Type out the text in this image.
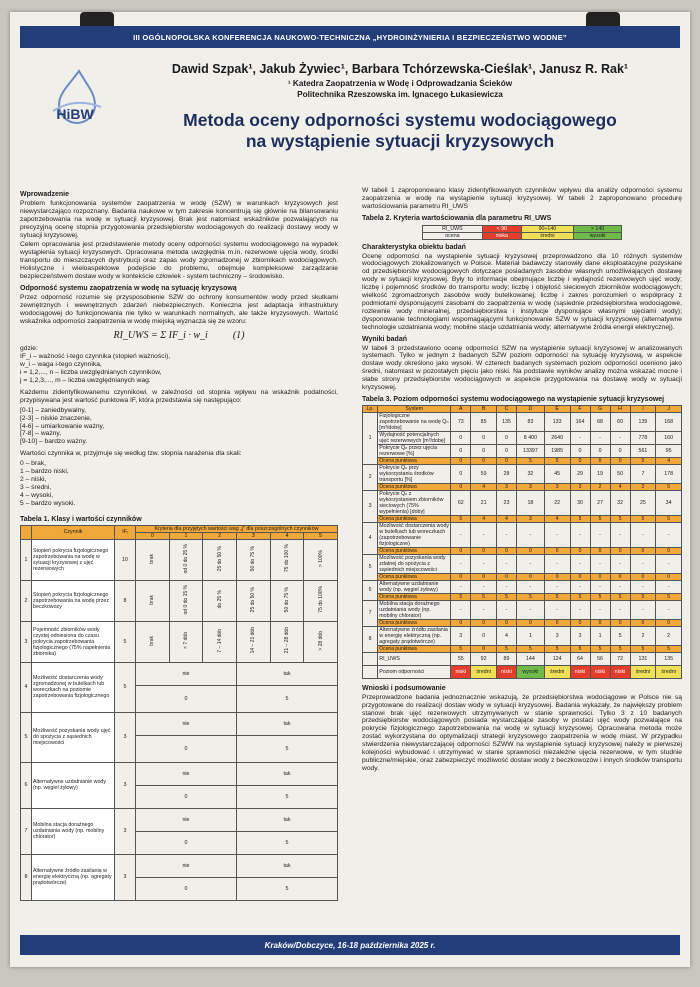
III OGÓLNOPOLSKA KONFERENCJA NAUKOWO-TECHNICZNA „HYDROINŻYNIERIA I BEZPIECZEŃSTWO WODNE”
HiBW
Dawid Szpak¹, Jakub Żywiec¹, Barbara Tchórzewska-Cieślak¹, Janusz R. Rak¹
¹ Katedra Zaopatrzenia w Wodę i Odprowadzania Ścieków
Politechnika Rzeszowska im. Ignacego Łukasiewicza
Metoda oceny odporności systemu wodociągowego
na wystąpienie sytuacji kryzysowych
Wprowadzenie

Problem funkcjonowania systemów zaopatrzenia w wodę (SZW) w warunkach kryzysowych jest niewystarczająco rozpoznany. Badania naukowe w tym zakresie koncentrują się głównie na bilansowaniu zapotrzebowania na wodę w sytuacji kryzysowej. Brak jest natomiast wskaźników pozwalających na precyzyjną ocenę stopnia przygotowania przedsiębiorstw wodociągowych do realizacji dostawy wody w sytuacji kryzysowej.

Celem opracowania jest przedstawienie metody oceny odporności systemu wodociągowego na wypadek wystąpienia sytuacji kryzysowych. Opracowana metoda uwzględnia m.in. rezerwowe ujęcia wody, środki transportu do mieszczących dystrybucji oraz zapas wody zgromadzonej w zbiornikach wodociągowych. Holistyczne i wieloaspektowe podejście do problemu, obejmuje kompleksowe zarządzanie bezpieczeństwem dostaw wody w kontekście człowiek - system techniczny – środowisko.

Odporność systemu zaopatrzenia w wodę na sytuację kryzysową

Przez odporność rozumie się przysposobienie SZW do ochrony konsumentów wody przed skutkami zewnętrznych i wewnętrznych zdarzeń niebezpiecznych. Konieczna jest adaptacja infrastruktury wodociągowej do funkcjonowania nie tylko w warunkach normalnych, ale także kryzysowych. Wartość wskaźnika odporności zaopatrzenia w wodę miejską wyznacza się ze wzoru:

RI_UWS = Σ IF_i · w_i	(1)
gdzie:
IF_i – ważność i-tego czynnika (stopień ważności),
w_i – waga i-tego czynnika,
i = 1,2,..., n – liczba uwzględnianych czynników,
j = 1,2,3,..., m – liczba uwzględnianych wag.

Każdemu zidentyfikowanemu czynnikowi, w zależności od stopnia wpływu na wskaźnik podatności, przypisywana jest wartość punktowa IF, która przedstawia się następująco:

[0-1] – zaniedbywalny,
[2-3] – niskie znaczenie,
[4-6] – umiarkowanie ważny,
[7-8] – ważny,
[9-10] – bardzo ważny.

Wartości czynnika w, przyjmuje się według tzw. stopnia narażenia dla skali:

0 – brak,
1 – bardzo niski,
2 – niski,
3 – średni,
4 – wysoki,
5 – bardzo wysoki.
Tabela 1. Klasy i wartości czynników
	Czynnik	IFᵢ	Kryteria dla przyjętych wartości wag „j” dla poszczególnych czynników					
			0	1	2	3	4	5
1	Stopień pokrycia fizjologicznego zapotrzebowania na wodę w sytuacji kryzysowej z ujęć rezerwowych	10	brak	od 0 do 25 %	25 do 50 %	50 do 75 %	75 do 100 %	> 100%
2	Stopień pokrycia fizjologicznego zapotrzebowania na wodę przez beczkowozy	8	brak	od 0 do 15 %	do 25 %	25 do 50 %	50 do 75 %	75 do 100%
3	Pojemność zbiorników wody czystej odniesiona do czasu pokrycia zapotrzebowania fizjologicznego (75% napełnienia zbiornika)	5	brak	< 7 dób	7 – 14 dób	14 – 21 dób	21 – 28 dób	> 28 dób
4	Możliwość dostarczenia wody zgromadzonej w butelkach lub woreczkach na poziomie zapotrzebowania fizjologicznego	5	nie			tak		
			0			5		
5	Możliwość pozyskania wody ujęć do spożycia z sąsiednich miejscowości	3	nie			tak		
			0			5		
6	Alternatywne uzdatnianie wody (np. węgiel żyłowy)	3	nie			tak		
			0			5		
7	Mobilna stacja doraźnego uzdatniania wody (np. mobilny chlorator)	3	nie			tak		
			0			5		
8	Alternatywne źródło zasilania w energię elektryczną (np. agregaty prądotwórcze)	3	nie			tak		
			0			5		

W tabeli 1 zaproponowano klasy zidentyfikowanych czynników wpływu dla analizy odporności systemu zaopatrzenia w wodę na wystąpienie sytuacji kryzysowej. W tabeli 2 zaproponowano procedurę wartościowania parametru RI_UWS

Tabela 2. Kryteria wartościowania dla parametru RI_UWS
RI_UWS	< 90	90÷140	> 140
ocena	niska	średni	wysoki
Charakterystyka obiektu badań

Ocenę odporności na wystąpienie sytuacji kryzysowej przeprowadzono dla 10 różnych systemów wodociągowych zlokalizowanych w Polsce. Materiał badawczy stanowiły dane eksploatacyjne pozyskane od przedsiębiorstw wodociągowych dotyczące posiadanych zasobów własnych umożliwiających dostawę wody w sytuacji kryzysowej. Były to informacje obejmujące liczbę i wydajność rezerwowych ujęć wody; liczbę i pojemność środków do transportu wody; liczbę i objętość sieciowych zbiorników wodociągowych; wielkość zgromadzonych zasobów wody butelkowanej; liczbę i zakres porozumień o współpracy z podmiotami dysponującymi zasobami do zaopatrzenia w wodę (sąsiednie przedsiębiorstwa wodociągowe, rozlewnie wody mineralnej, przedsiębiorstwa i instytucje dysponujące własnymi ujęciami wody); dysponowanie technologiami wspomagającymi funkcjonowanie SZW w sytuacji kryzysowej (alternatywne technologie uzdatniania wody; mobilne stacje uzdatniania wody; alternatywne źródła energii elektrycznej).

Wyniki badań

W tabeli 3 przedstawiono ocenę odporności SZW na wystąpienie sytuacji kryzysowej w analizowanych systemach. Tylko w jednym z badanych SZW poziom odporności na sytuację kryzysową, w aspekcie dostaw wody określono jako wysoki. W czterech badanych systemach poziom odporności oceniono jako średni, natomiast w pozostałych pięciu jako niski. Na podstawie wyników analizy można wskazać mocne i słabe strony przedsiębiorstw wodociągowych w aspekcie przygotowania na dostawę wody w sytuacji kryzysowej.

Tabela 3. Poziom odporności systemu wodociągowego na wystąpienie sytuacji kryzysowej
Lp.	System	A	B	C	D	E	F	G	H	I	J
1	Fizjologiczne zapotrzebowanie na wodę Qₙ [m³/dobę]	73	85	135	83	133	164	68	60	139	168
	Wydajność potencjalnych ujęć rezerwowych [m³/dobę]	0	0	0	8 400	2640	-	-	-	778	160
	Pokrycie Qₙ przez ujęcia rezerwowe [%]	0	0	0	13397	1985	0	0	0	561	95
	Ocena punktowa	0	0	0	5	5	0	0	0	5	4
2	Pokrycie Qₙ przy wykorzystaniu środków transportu [%]	0	59	28	32	45	29	19	50	7	178
	Ocena punktowa	0	4	3	3	3	3	2	4	2	5
3	Pokrycie Qₙ z wykorzystaniem zbiorników sieciowych (75% wypełnienia) [doby]	62	21	23	18	22	30	27	32	25	34
	Ocena punktowa	5	4	4	3	4	5	5	5	5	5
4	Możliwość dostarczenia wody w butelkach lub woreczkach (zapotrzebowanie fizjologiczne)	-	-	-	-	-	-	-	-	-	-
	Ocena punktowa	0	0	0	0	0	0	0	0	0	0
5	Możliwość pozyskania wody zdatnej do spożycia z sąsiednich miejscowości	-	-	-	-	-	-	-	-	-	-
	Ocena punktowa	0	0	0	0	0	0	0	0	0	0
6	Alternatywne uzdatnianie wody (np. węgiel żyłowy)	-	-	-	-	-	-	-	-	-	-
	Ocena punktowa	5	5	5	5	5	5	5	5	5	5
7	Mobilna stacja doraźnego uzdatniania wody (np. mobilny chlorator)	-	-	-	-	-	-	-	-	-	-
	Ocena punktowa	0	0	0	0	0	0	0	0	0	0
8	Alternatywne źródło zasilania w energię elektryczną (np. agregaty prądotwórcze)	3	0	4	1	3	3	1	5	2	2
	Ocena punktowa	5	0	5	5	5	5	5	5	5	5
	RI_UWS	55	92	89	144	124	64	56	72	131	135
	Poziom odporności	niski	średni	niski	wysoki	średni	niski	niski	niski	średni	średni
Wnioski i podsumowanie

Przeprowadzone badania jednoznacznie wskazują, że przedsiębiorstwa wodociągowe w Polsce nie są przygotowane do realizacji dostaw wody w sytuacji kryzysowej. Badania wykazały, że największy problem stanowi brak ujęć rezerwowych utrzymywanych w stanie sprawności. Tylko 3 z 10 badanych przedsiębiorstw wodociągowych posiada wystarczające zasoby w postaci ujęć wody pozwalające na pokrycie fizjologicznego zapotrzebowania na wodę w sytuacji kryzysowej. Opracowana metoda może zostać wykorzystana do optymalizacji strategii kryzysowego zaopatrzenia w wodę miast. W przypadku stwierdzenia niewystarczającej odporności SZWW na wystąpienie sytuacji kryzysowej należy w pierwszej kolejności wybudować i utrzymywać w stanie sprawności niezależne ujęcia rezerwowe, w tym studnie publiczne/miejskie, oraz zabezpieczyć możliwość dostaw wody z beczkowozów i innych środków transportu wody.

Kraków/Dobczyce, 16-18 października 2025 r.
